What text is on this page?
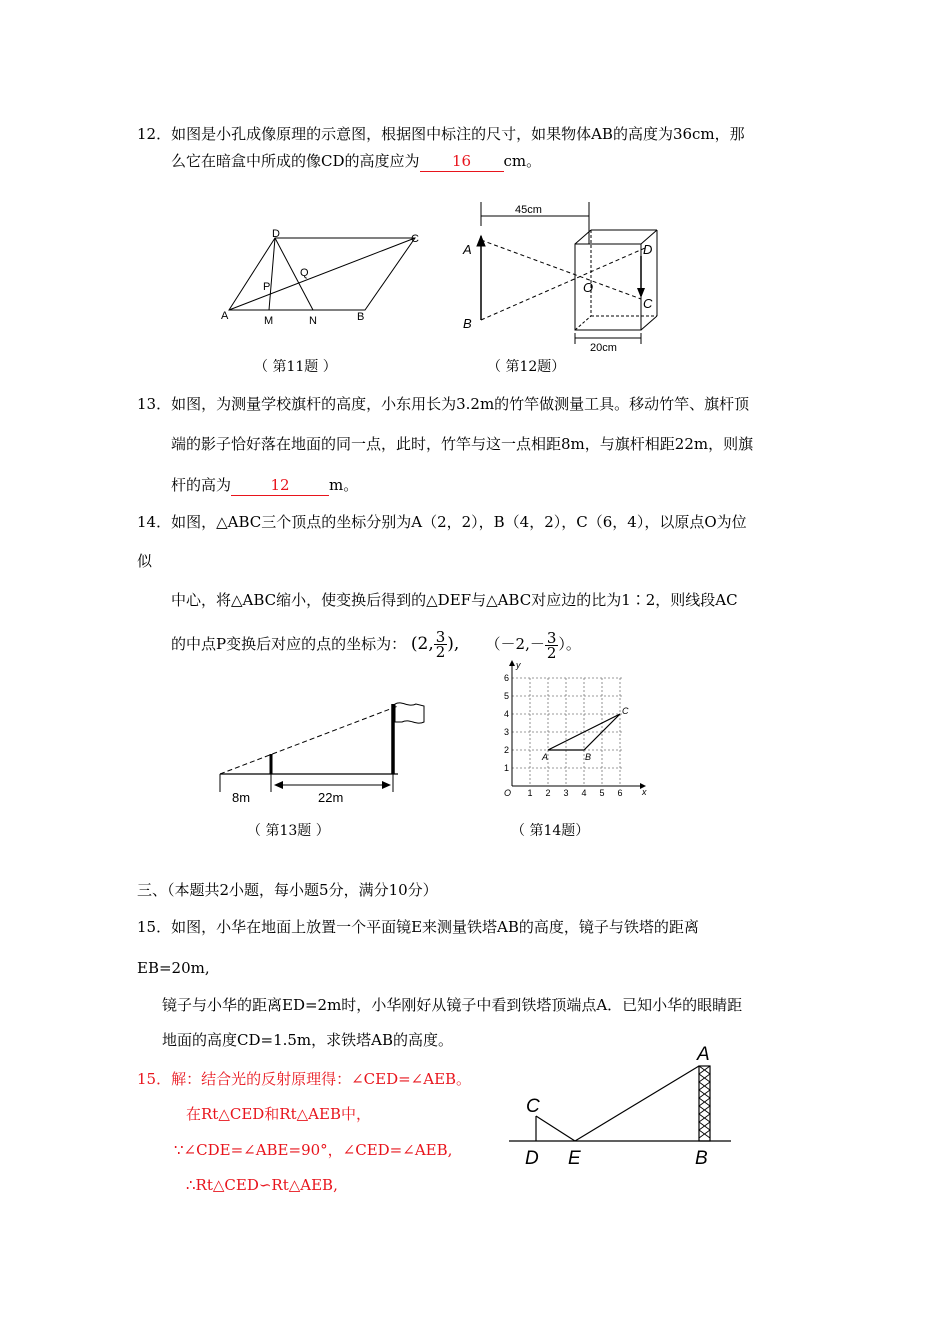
12．如图是小孔成像原理的示意图，根据图中标注的尺寸，如果物体AB的高度为36cm，那
么它在暗盒中所成的像CD的高度应为 16 cm。
D	C
Q
P
A	M	N	B
（ 第11题 ）
45cm
20cm
A
B
D
C
O
（ 第12题）
13．如图，为测量学校旗杆的高度，小东用长为3.2m的竹竿做测量工具。移动竹竿、旗杆顶
端的影子恰好落在地面的同一点，此时，竹竿与这一点相距8m，与旗杆相距22m，则旗
杆的高为	12	m。
14．如图，△ABC三个顶点的坐标分别为A（2，2），B（4，2），C（6，4），以原点O为位
似
中心，将△ABC缩小，使变换后得到的△DEF与△ABC对应边的比为1∶2，则线段AC
的中点P变换后对应的点的坐标为： (2, $\frac{3}{2}$ ), （$-2,- \frac{3}{2}$ ）。
8m	22m
（ 第13题 ）
x
y
O 1 2 3 4 5 6
1
2
3
4
5
6
A	B
C
（ 第14题）
三、（本题共2小题，每小题5分，满分10分）
15．如图，小华在地面上放置一个平面镜E来测量铁塔AB的高度，镜子与铁塔的距离
EB=20m,
镜子与小华的距离ED=2m时，小华刚好从镜子中看到铁塔顶端点A．已知小华的眼睛距
地面的高度CD=1.5m，求铁塔AB的高度。
15．解：结合光的反射原理得：∠CED=∠AEB。
在Rt△CED和Rt△AEB中，
∵∠CDE=∠ABE=90°，∠CED=∠AEB,
∴Rt△CED∽Rt△AEB,
A
C
D E	B
